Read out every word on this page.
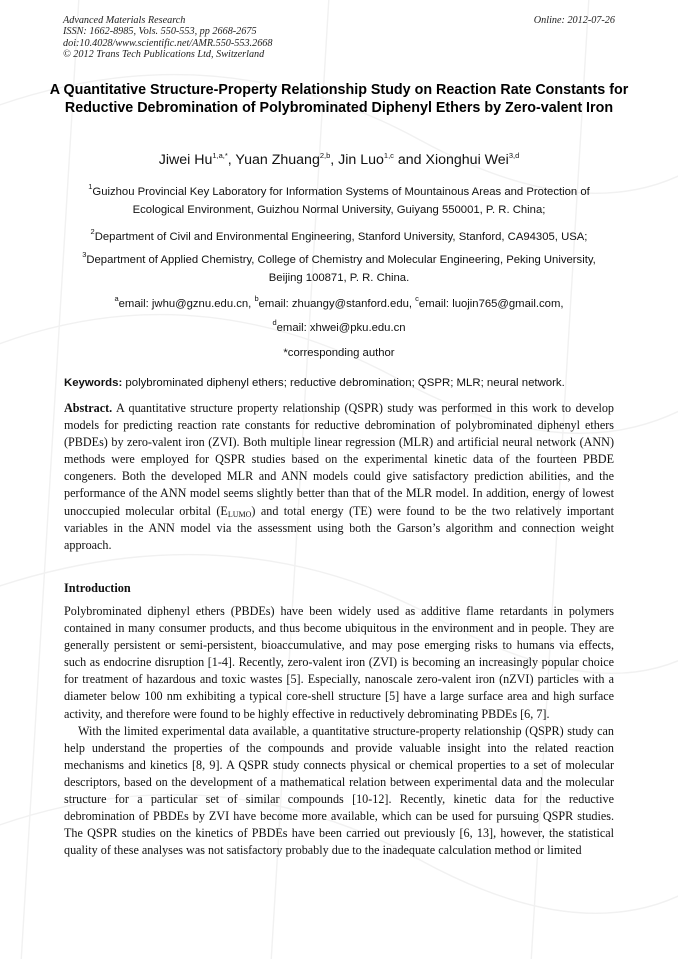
Advanced Materials Research
ISSN: 1662-8985, Vols. 550-553, pp 2668-2675
doi:10.4028/www.scientific.net/AMR.550-553.2668
© 2012 Trans Tech Publications Ltd, Switzerland
Online: 2012-07-26
A Quantitative Structure-Property Relationship Study on Reaction Rate Constants for Reductive Debromination of Polybrominated Diphenyl Ethers by Zero-valent Iron
Jiwei $Hu^{1,a,*}$, Yuan Zhuang$^{2,b}$, Jin Luo$^{1,c}$ and Xionghui Wei$^{3,d}$
$^1$Guizhou Provincial Key Laboratory for Information Systems of Mountainous Areas and Protection of Ecological Environment, Guizhou Normal University, Guiyang 550001, P. R. China;
$^2$Department of Civil and Environmental Engineering, Stanford University, Stanford, CA94305, USA;
$^3$Department of Applied Chemistry, College of Chemistry and Molecular Engineering, Peking University, Beijing 100871, P. R. China.
$^a$email: jwhu@gznu.edu.cn, $^b$email: zhuangy@stanford.edu, $^c$email: luojin765@gmail.com,
$^d$email: xhwei@pku.edu.cn
*corresponding author
Keywords: polybrominated diphenyl ethers; reductive debromination; QSPR; MLR; neural network.
Abstract. A quantitative structure property relationship (QSPR) study was performed in this work to develop models for predicting reaction rate constants for reductive debromination of polybrominated diphenyl ethers (PBDEs) by zero-valent iron (ZVI). Both multiple linear regression (MLR) and artificial neural network (ANN) methods were employed for QSPR studies based on the experimental kinetic data of the fourteen PBDE congeners. Both the developed MLR and ANN models could give satisfactory prediction abilities, and the performance of the ANN model seems slightly better than that of the MLR model. In addition, energy of lowest unoccupied molecular orbital $(E_{LUMO})$ and total energy (TE) were found to be the two relatively important variables in the ANN model via the assessment using both the Garson’s algorithm and connection weight approach.
Introduction

Polybrominated diphenyl ethers (PBDEs) have been widely used as additive flame retardants in polymers contained in many consumer products, and thus become ubiquitous in the environment and in people. They are generally persistent or semi-persistent, bioaccumulative, and may pose emerging risks to humans via effects, such as endocrine disruption [1-4]. Recently, zero-valent iron (ZVI) is becoming an increasingly popular choice for treatment of hazardous and toxic wastes [5]. Especially, nanoscale zero-valent iron (nZVI) particles with a diameter below 100 nm exhibiting a typical core-shell structure [5] have a large surface area and high surface activity, and therefore were found to be highly effective in reductively debrominating PBDEs [6, 7].

With the limited experimental data available, a quantitative structure-property relationship (QSPR) study can help understand the properties of the compounds and provide valuable insight into the related reaction mechanisms and kinetics [8, 9]. A QSPR study connects physical or chemical properties to a set of molecular descriptors, based on the development of a mathematical relation between experimental data and the molecular structure for a particular set of similar compounds [10-12]. Recently, kinetic data for the reductive debromination of PBDEs by ZVI have become more available, which can be used for pursuing QSPR studies. The QSPR studies on the kinetics of PBDEs have been carried out previously [6, 13], however, the statistical quality of these analyses was not satisfactory probably due to the inadequate calculation method or limited
